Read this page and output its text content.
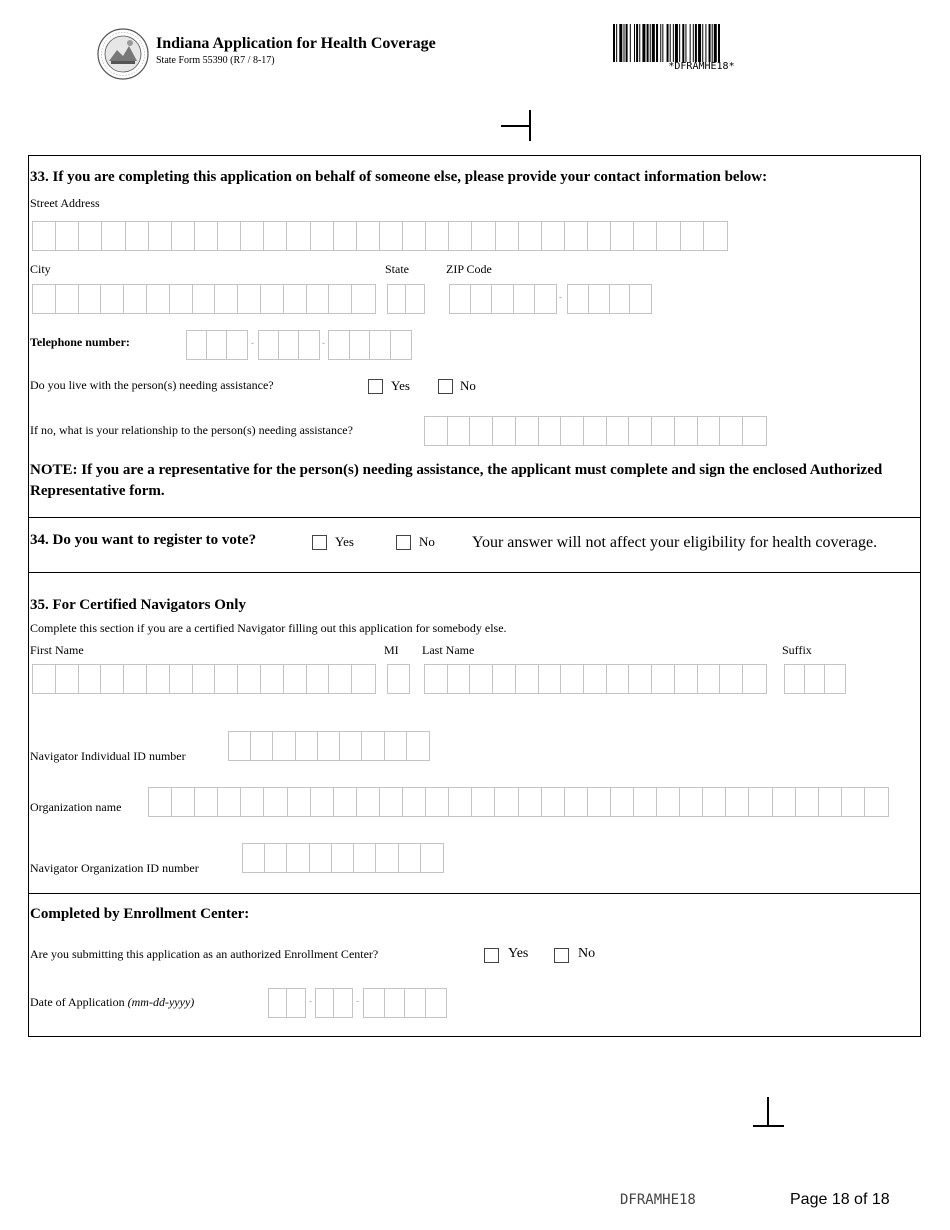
Indiana Application for Health Coverage
State Form 55390 (R7 / 8-17)
*DFRAMHE18*
33. If you are completing this application on behalf of someone else, please provide your contact information below:
Street Address
City	State	ZIP Code
-
Telephone number:	-	-
Do you live with the person(s) needing assistance?	Yes	No
If no, what is your relationship to the person(s) needing assistance?
NOTE: If you are a representative for the person(s) needing assistance, the applicant must complete and sign the enclosed Authorized Representative form.
34. Do you want to register to vote?	Yes	No Your answer will not affect your eligibility for health coverage.
35. For Certified Navigators Only
Complete this section if you are a certified Navigator filling out this application for somebody else.
First Name	MI Last Name	Suffix
Navigator Individual ID number
Organization name
Navigator Organization ID number
Completed by Enrollment Center:
Are you submitting this application as an authorized Enrollment Center?	Yes	No
Date of Application (mm-dd-yyyy)	-	-
DFRAMHE18	Page 18 of 18
